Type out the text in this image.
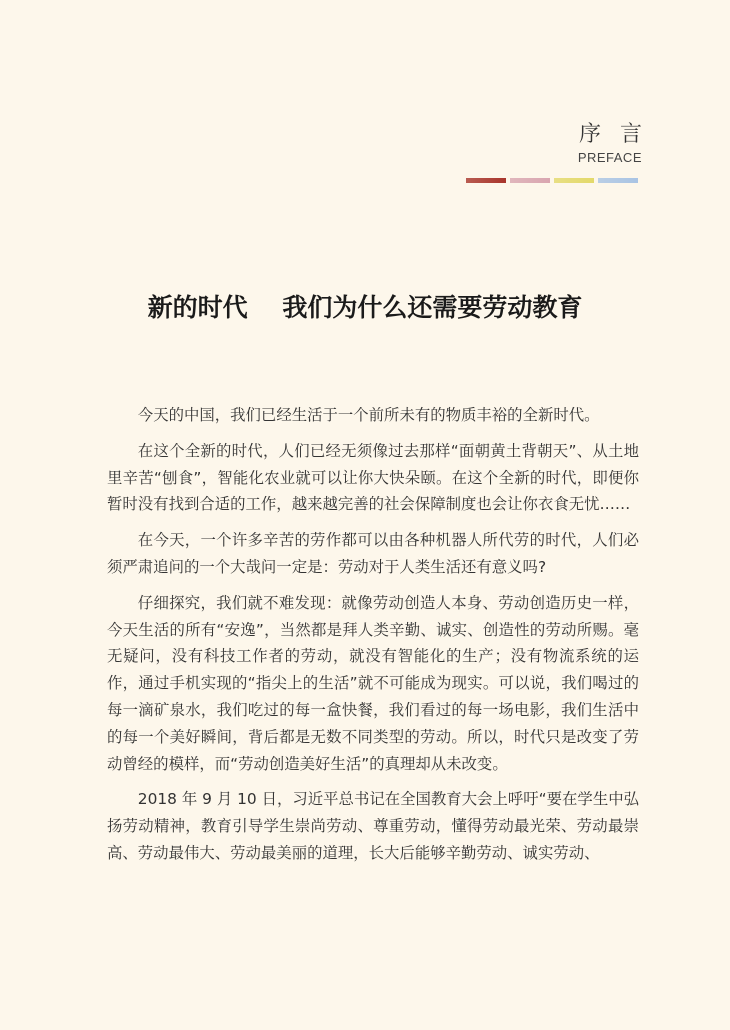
序 言
PREFACE
新的时代    我们为什么还需要劳动教育

今天的中国，我们已经生活于一个前所未有的物质丰裕的全新时代。

在这个全新的时代，人们已经无须像过去那样“面朝黄土背朝天”、从土地里辛苦“刨食”，智能化农业就可以让你大快朵颐。在这个全新的时代，即便你暂时没有找到合适的工作，越来越完善的社会保障制度也会让你衣食无忧……

在今天，一个许多辛苦的劳作都可以由各种机器人所代劳的时代，人们必须严肃追问的一个大哉问一定是：劳动对于人类生活还有意义吗?

仔细探究，我们就不难发现：就像劳动创造人本身、劳动创造历史一样，今天生活的所有“安逸”，当然都是拜人类辛勤、诚实、创造性的劳动所赐。毫无疑问，没有科技工作者的劳动，就没有智能化的生产；没有物流系统的运作，通过手机实现的“指尖上的生活”就不可能成为现实。可以说，我们喝过的每一滴矿泉水，我们吃过的每一盒快餐，我们看过的每一场电影，我们生活中的每一个美好瞬间，背后都是无数不同类型的劳动。所以，时代只是改变了劳动曾经的模样，而“劳动创造美好生活”的真理却从未改变。

2018 年 9 月 10 日，习近平总书记在全国教育大会上呼吁“要在学生中弘扬劳动精神，教育引导学生崇尚劳动、尊重劳动，懂得劳动最光荣、劳动最崇高、劳动最伟大、劳动最美丽的道理，长大后能够辛勤劳动、诚实劳动、
